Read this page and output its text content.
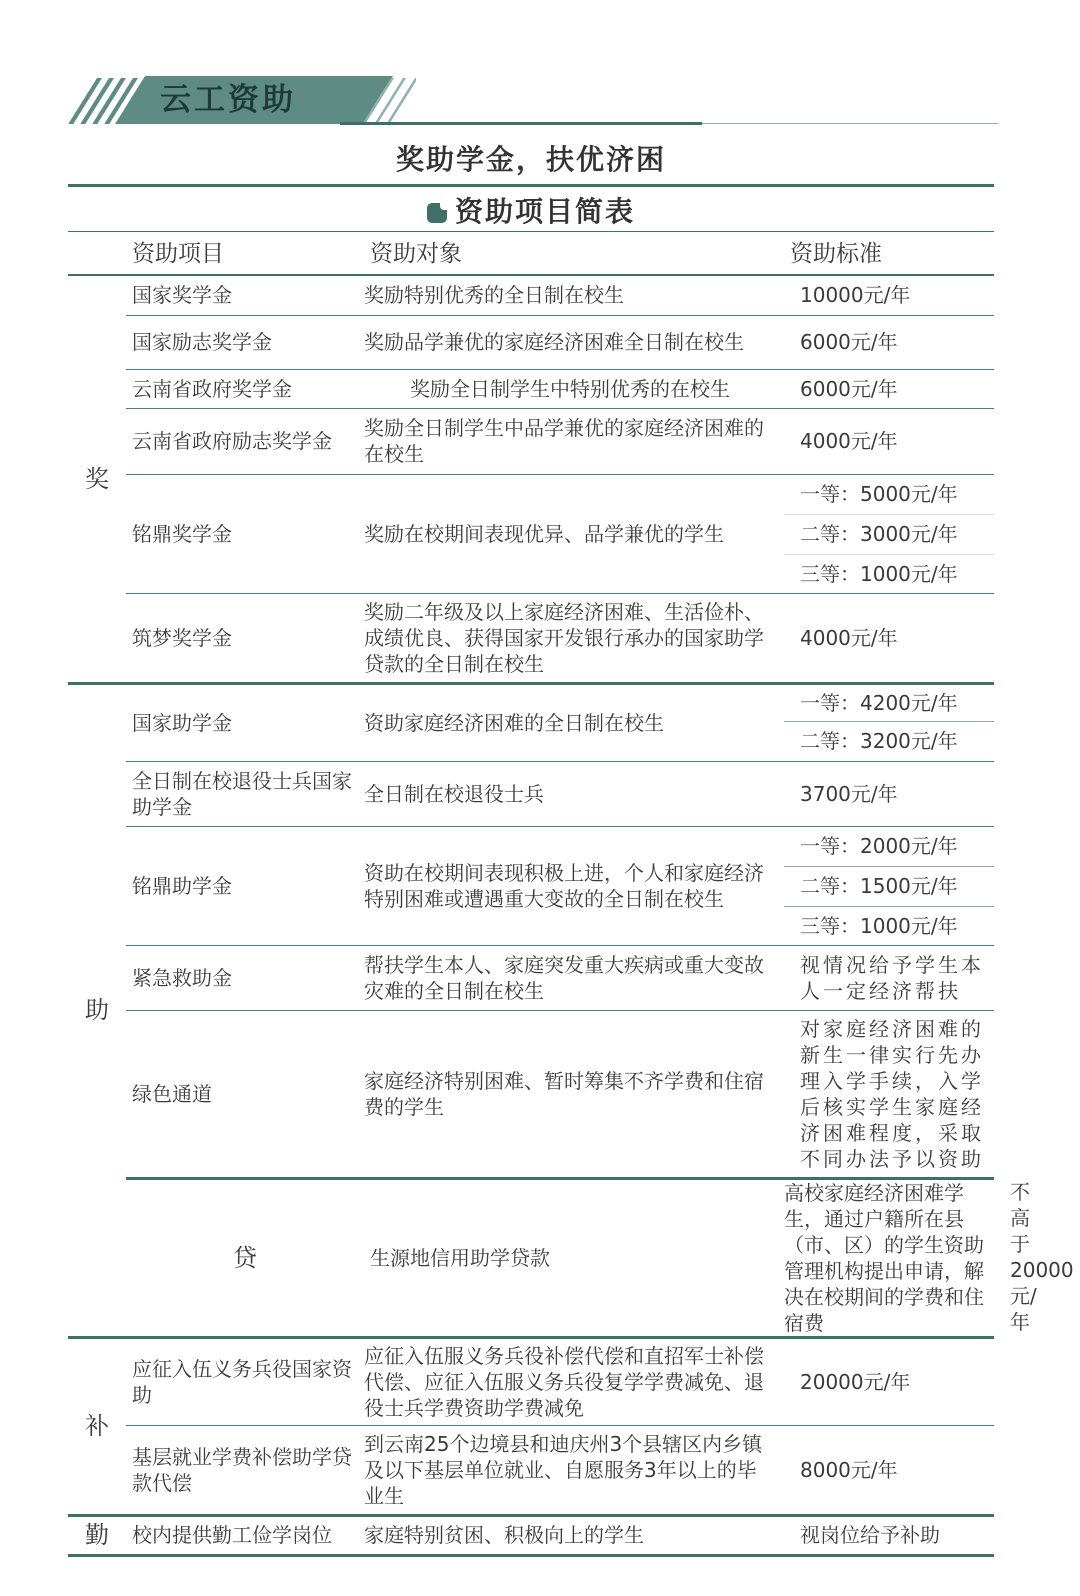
云工资助
奖助学金，扶优济困
资助项目简表
	资助项目	资助对象	资助标准	
奖	国家奖学金	奖励特别优秀的全日制在校生	10000元/年	
	国家励志奖学金	奖励品学兼优的家庭经济困难全日制在校生	6000元/年	
	云南省政府奖学金	奖励全日制学生中特别优秀的在校生	6000元/年	
	云南省政府励志奖学金	奖励全日制学生中品学兼优的家庭经济困难的在校生	4000元/年	
	铭鼎奖学金	奖励在校期间表现优异、品学兼优的学生	一等：5000元/年	
			二等：3000元/年	
			三等：1000元/年	
	筑梦奖学金	奖励二年级及以上家庭经济困难、生活俭朴、成绩优良、获得国家开发银行承办的国家助学贷款的全日制在校生	4000元/年	
助	国家助学金	资助家庭经济困难的全日制在校生	一等：4200元/年	
			二等：3200元/年	
	全日制在校退役士兵国家助学金	全日制在校退役士兵	3700元/年	
	铭鼎助学金	资助在校期间表现积极上进，个人和家庭经济特别困难或遭遇重大变故的全日制在校生	一等：2000元/年	
			二等：1500元/年	
			三等：1000元/年	
	紧急救助金	帮扶学生本人、家庭突发重大疾病或重大变故灾难的全日制在校生	视情况给予学生本人一定经济帮扶	
	绿色通道	家庭经济特别困难、暂时筹集不齐学费和住宿费的学生	对家庭经济困难的新生一律实行先办理入学手续，入学后核实学生家庭经济困难程度，采取不同办法予以资助	
	贷	生源地信用助学贷款	高校家庭经济困难学生，通过户籍所在县（市、区）的学生资助管理机构提出申请，解决在校期间的学费和住宿费	不高于20000元/年
补	应征入伍义务兵役国家资助	应征入伍服义务兵役补偿代偿和直招军士补偿代偿、应征入伍服义务兵役复学学费减免、退役士兵学费资助学费减免	20000元/年	
	基层就业学费补偿助学贷款代偿	到云南25个边境县和迪庆州3个县辖区内乡镇及以下基层单位就业、自愿服务3年以上的毕业生	8000元/年	
勤	校内提供勤工俭学岗位	家庭特别贫困、积极向上的学生	视岗位给予补助	
